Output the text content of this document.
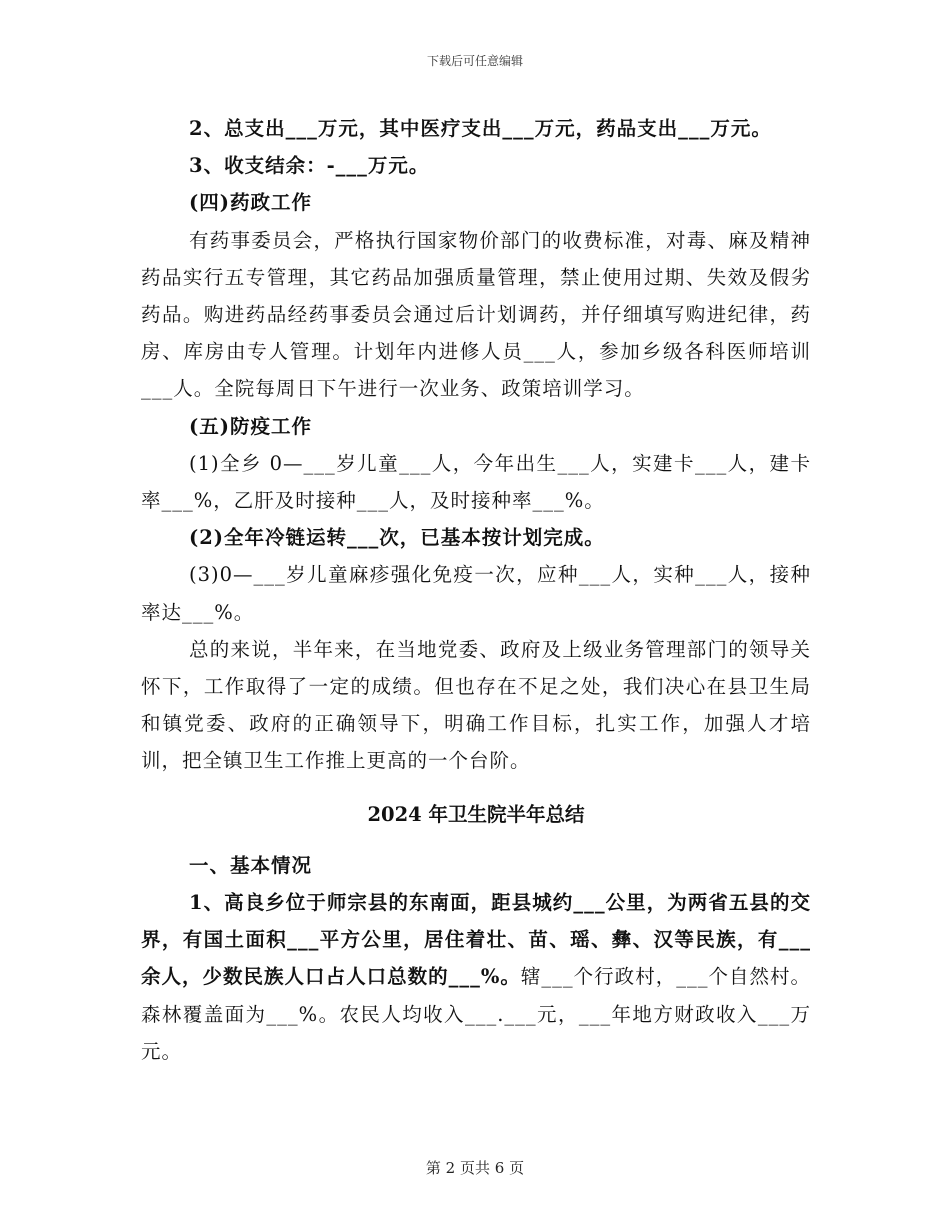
下载后可任意编辑

2、总支出___万元，其中医疗支出___万元，药品支出___万元。

3、收支结余：-___万元。

(四)药政工作

有药事委员会，严格执行国家物价部门的收费标准，对毒、麻及精神药品实行五专管理，其它药品加强质量管理，禁止使用过期、失效及假劣药品。购进药品经药事委员会通过后计划调药，并仔细填写购进纪律，药房、库房由专人管理。计划年内进修人员___人，参加乡级各科医师培训___人。全院每周日下午进行一次业务、政策培训学习。

(五)防疫工作

(1)全乡 0—___岁儿童___人，今年出生___人，实建卡___人，建卡率___%，乙肝及时接种___人，及时接种率___%。

(2)全年冷链运转___次，已基本按计划完成。

(3)0—___岁儿童麻疹强化免疫一次，应种___人，实种___人，接种率达___%。

总的来说，半年来，在当地党委、政府及上级业务管理部门的领导关怀下，工作取得了一定的成绩。但也存在不足之处，我们决心在县卫生局和镇党委、政府的正确领导下，明确工作目标，扎实工作，加强人才培训，把全镇卫生工作推上更高的一个台阶。

2024 年卫生院半年总结

一、基本情况

1、高良乡位于师宗县的东南面，距县城约___公里，为两省五县的交界，有国土面积___平方公里，居住着壮、苗、瑶、彝、汉等民族，有___余人，少数民族人口占人口总数的___%。辖___个行政村，___个自然村。森林覆盖面为___%。农民人均收入___.___元，___年地方财政收入___万元。

第 2 页共 6 页
